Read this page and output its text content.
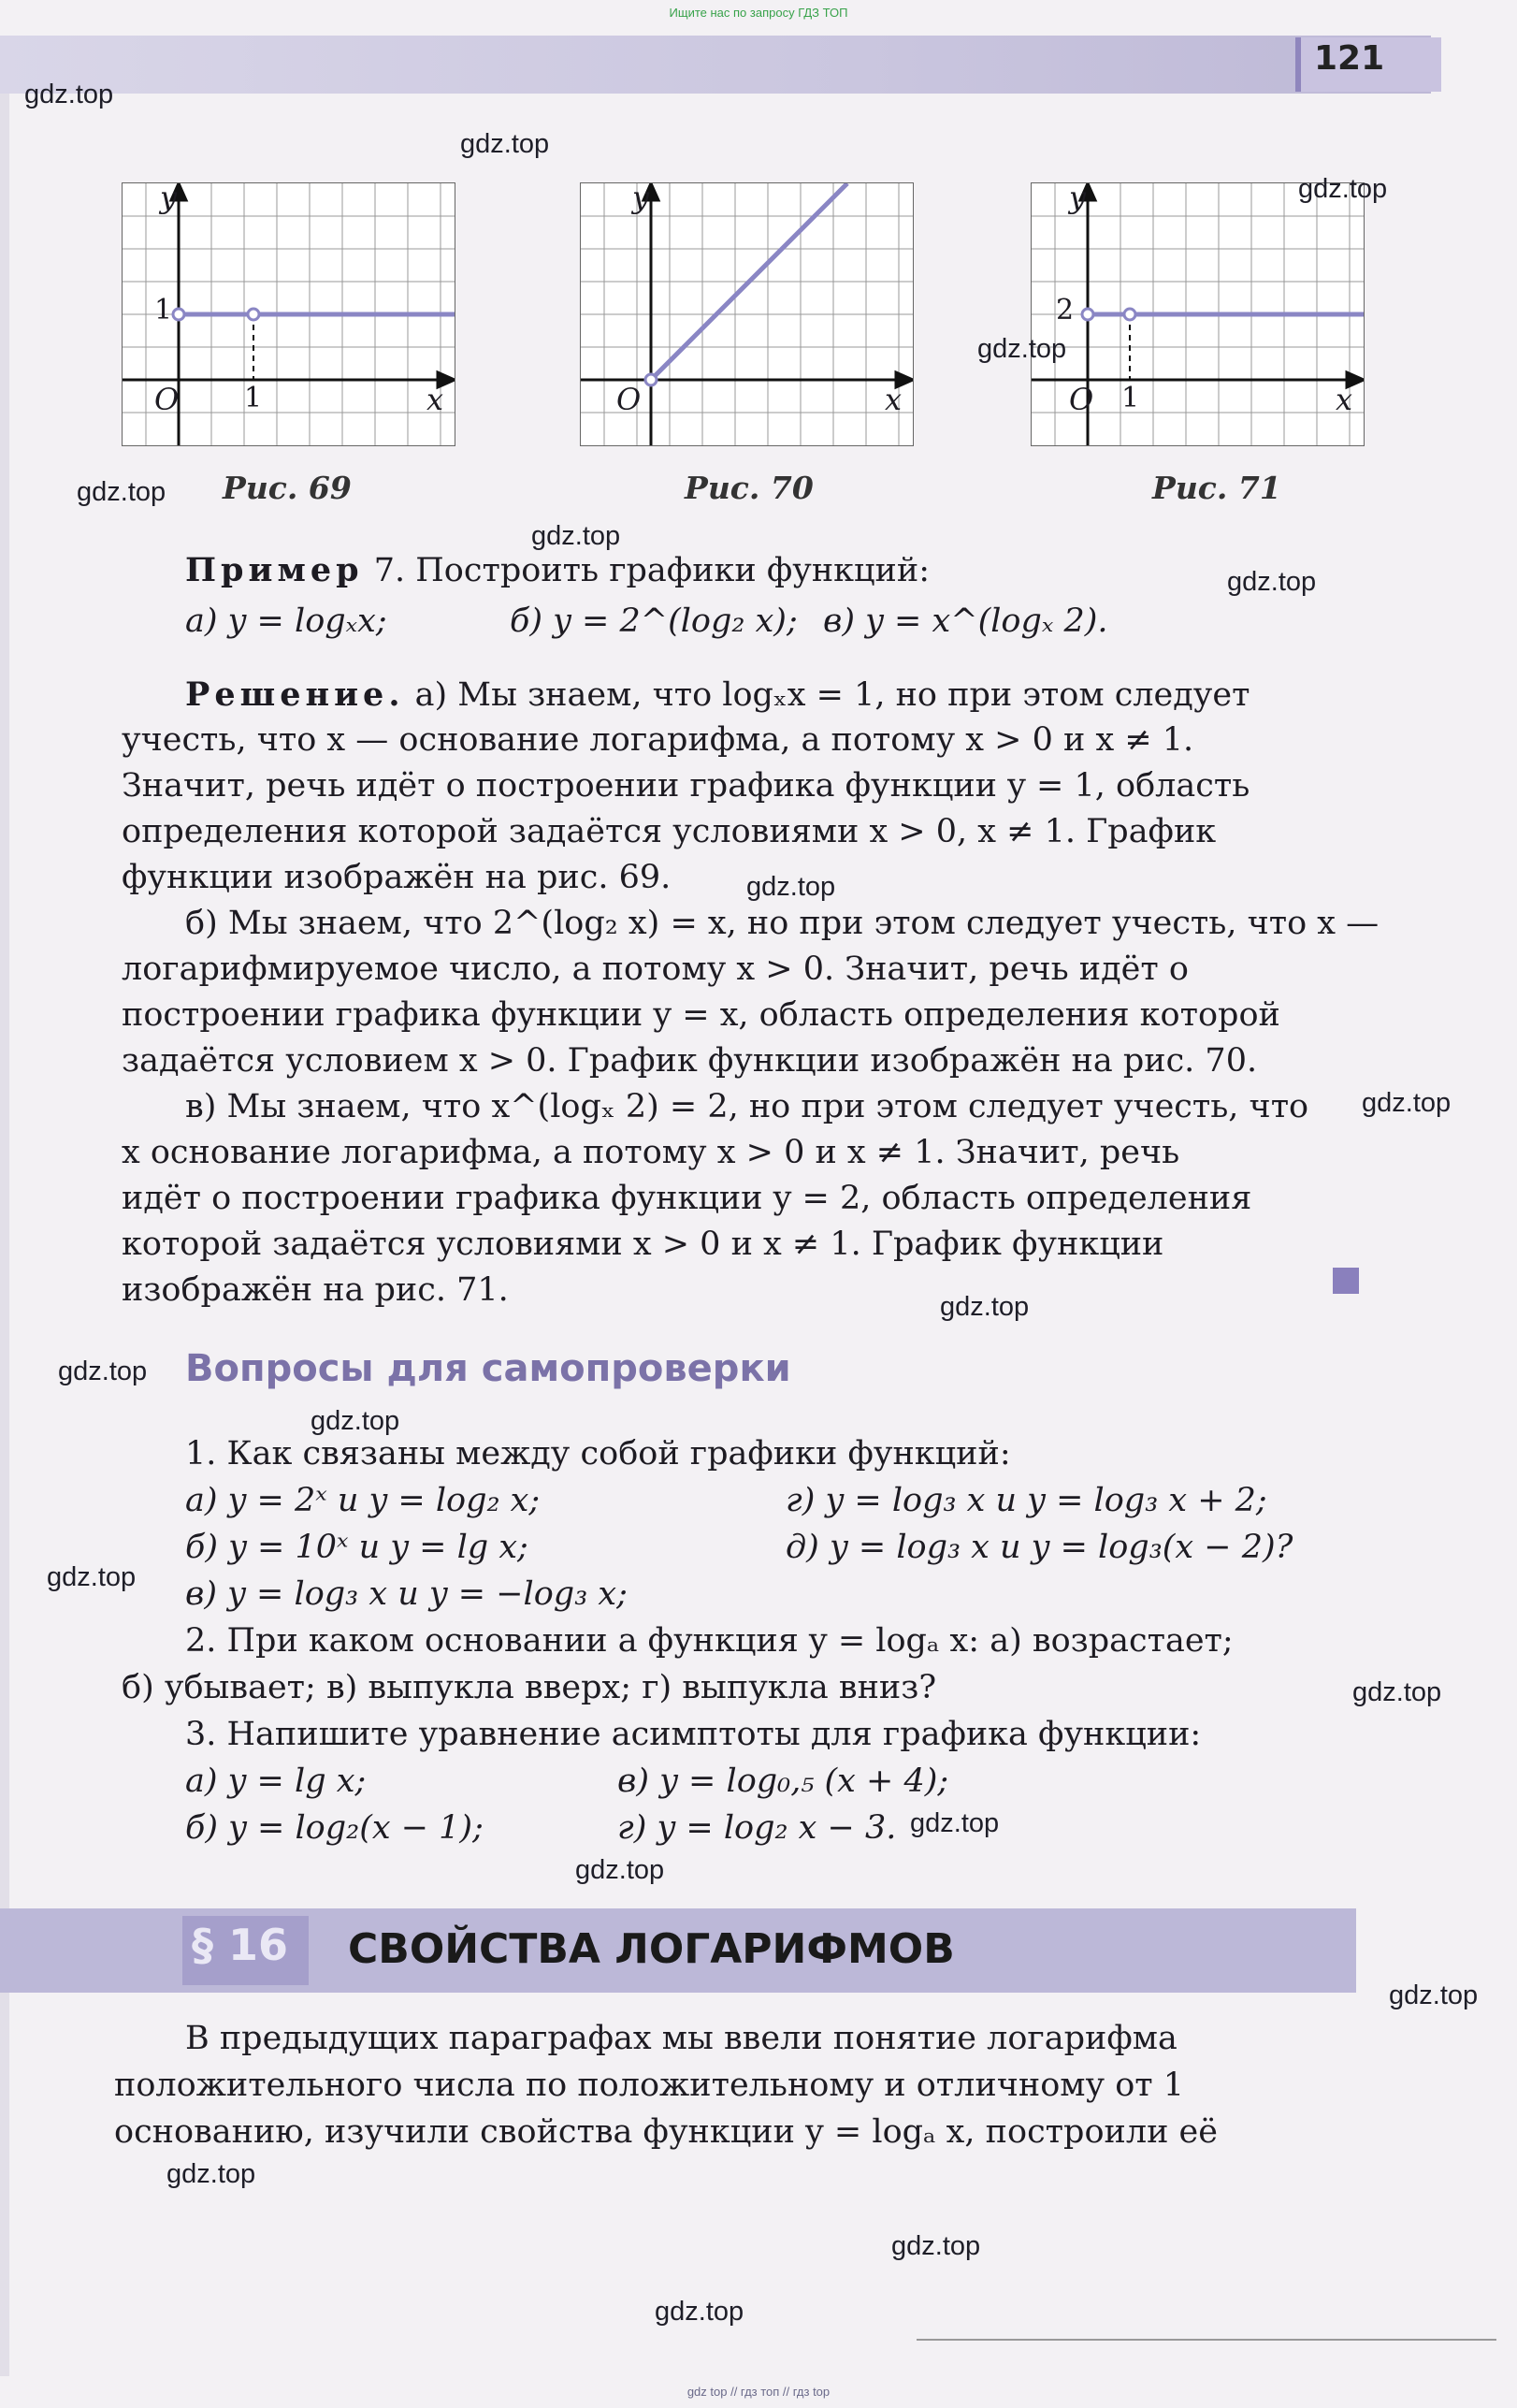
Ищите нас по запросу ГДЗ ТОП
121
y
x
O
1
1
Рис. 69
y
x
O
Рис. 70
y
x
O
2
1
Рис. 71
Пример 7. Построить графики функций:
а) y = logₓx;	б) y = 2^(log₂ x); в) y = x^(logₓ 2).
Решение. а) Мы знаем, что logₓx = 1, но при этом следует
учесть, что x — основание логарифма, а потому x > 0 и x ≠ 1.
Значит, речь идёт о построении графика функции y = 1, область
определения которой задаётся условиями x > 0, x ≠ 1. График
функции изображён на рис. 69.
б) Мы знаем, что 2^(log₂ x) = x, но при этом следует учесть, что x —
логарифмируемое число, а потому x > 0. Значит, речь идёт о
построении графика функции y = x, область определения которой
задаётся условием x > 0. График функции изображён на рис. 70.
в) Мы знаем, что x^(logₓ 2) = 2, но при этом следует учесть, что
x основание логарифма, а потому x > 0 и x ≠ 1. Значит, речь
идёт о построении графика функции y = 2, область определения
которой задаётся условиями x > 0 и x ≠ 1. График функции
изображён на рис. 71.
Вопросы для самопроверки
1. Как связаны между собой графики функций:
а) y = 2ˣ и y = log₂ x;	г) y = log₃ x и y = log₃ x + 2;
б) y = 10ˣ и y = lg x;	д) y = log₃ x и y = log₃(x − 2)?
в) y = log₃ x и y = −log₃ x;
2. При каком основании a функция y = logₐ x: а) возрастает;
б) убывает; в) выпукла вверх; г) выпукла вниз?
3. Напишите уравнение асимптоты для графика функции:
а) y = lg x;	в) y = log₀,₅ (x + 4);
б) y = log₂(x − 1);	г) y = log₂ x − 3.
§ 16 СВОЙСТВА ЛОГАРИФМОВ
В предыдущих параграфах мы ввели понятие логарифма
положительного числа по положительному и отличному от 1
основанию, изучили свойства функции y = logₐ x, построили её
gdz top // гдз топ // гдз top
gdz.top
gdz.top
gdz.top
gdz.top
gdz.top
gdz.top
gdz.top
gdz.top
gdz.top
gdz.top
gdz.top
gdz.top
gdz.top
gdz.top
gdz.top
gdz.top
gdz.top
gdz.top
gdz.top
gdz.top
